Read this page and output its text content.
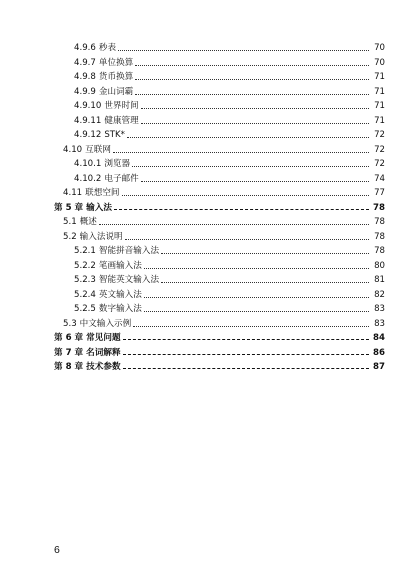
4.9.6 秒表	70
4.9.7 单位换算	70
4.9.8 货币换算	71
4.9.9 金山词霸	71
4.9.10 世界时间	71
4.9.11 健康管理	71
4.9.12 STK*	72
4.10 互联网	72
4.10.1 浏览器	72
4.10.2 电子邮件	74
4.11 联想空间	77
第 5 章 输入法	78
5.1 概述	78
5.2 输入法说明	78
5.2.1 智能拼音输入法	78
5.2.2 笔画输入法	80
5.2.3 智能英文输入法	81
5.2.4 英文输入法	82
5.2.5 数字输入法	83
5.3 中文输入示例	83
第 6 章 常见问题	84
第 7 章 名词解释	86
第 8 章 技术参数	87
6
